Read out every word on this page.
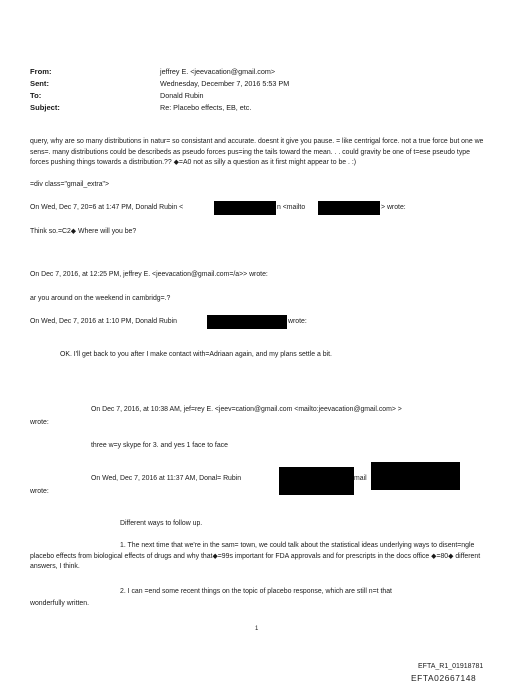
From:	jeffrey E. <jeevacation@gmail.com>
Sent:	Wednesday, December 7, 2016 5:53 PM
To:	Donald Rubin
Subject:	Re: Placebo effects, EB, etc.
query, why are so many distributions in natur= so consistant and accurate. doesnt it give you pause. = like centrigal force. not a true force but one we sens=. many distributions could be describeds as pseudo forces pus=ing the tails toward the mean. . . could gravity be one of t=ese pseudo type forces pushing things towards a distribution.?? ◆=A0 not as silly a question as it first might appear to be . :)
=div class="gmail_extra">
On Wed, Dec 7, 20=6 at 1:47 PM, Donald Rubin <	n <mailto	> wrote:
Think so.=C2◆ Where will you be?
On Dec 7, 2016, at 12:25 PM, jeffrey E. <jeevacation@gmail.com=/a>> wrote:
ar you around on the weekend in cambridg=.?
On Wed, Dec 7, 2016 at 1:10 PM, Donald Rubin	wrote:
OK. I'll get back to you after I make contact with=Adriaan again, and my plans settle a bit.
On Dec 7, 2016, at 10:38 AM, jef=rey E. <jeev=cation@gmail.com <mailto:jeevacation@gmail.com> >
wrote:
three w=y skype for 3. and yes 1 face to face
On Wed, Dec 7, 2016 at 11:37 AM, Donal= Rubin	mail
wrote:
Different ways to follow up.
1. The next time that we're in the sam= town, we could talk about the statistical ideas underlying ways to disent=ngle placebo effects from biological effects of drugs and why that◆=99s important for FDA approvals and for prescripts in the docs office ◆=80◆ different answers, I think.
2. I can =end some recent things on the topic of placebo response, which are still n=t that
wonderfully written.
1
EFTA_R1_01918781
EFTA02667148
